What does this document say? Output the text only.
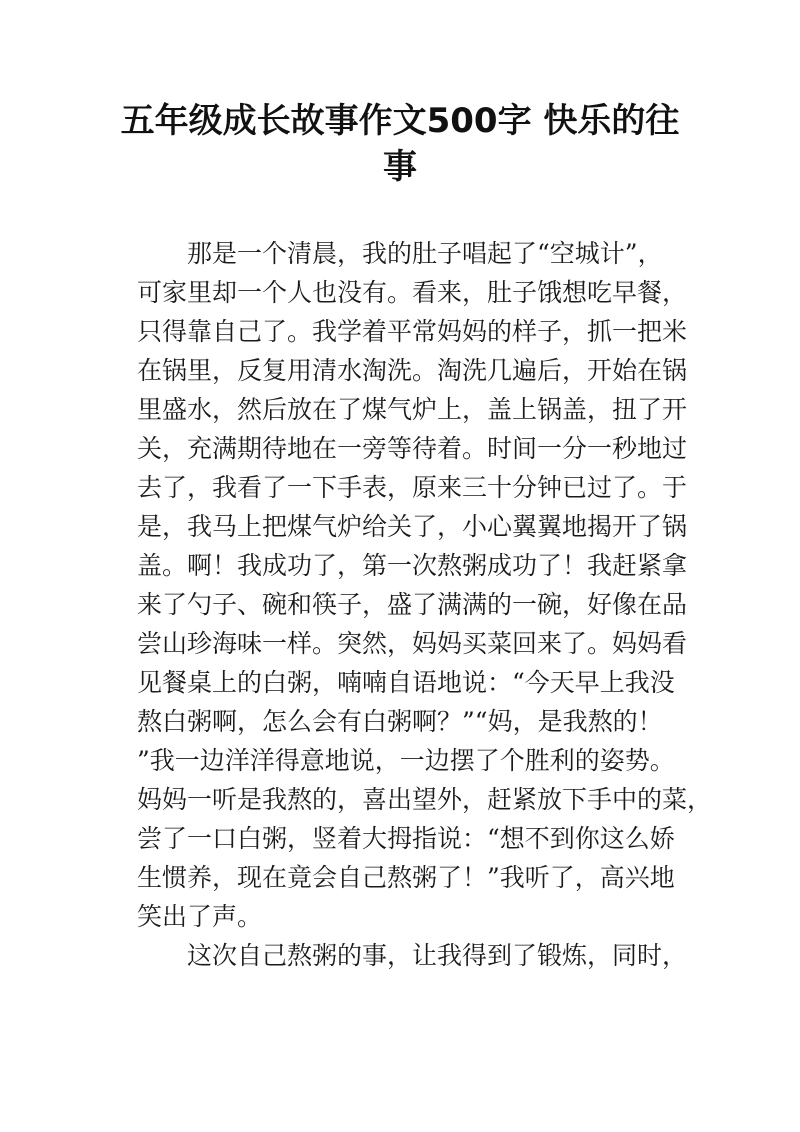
五年级成长故事作文500字 快乐的往
事
　　那是一个清晨，我的肚子唱起了“空城计”，
可家里却一个人也没有。看来，肚子饿想吃早餐，
只得靠自己了。我学着平常妈妈的样子，抓一把米
在锅里，反复用清水淘洗。淘洗几遍后，开始在锅
里盛水，然后放在了煤气炉上，盖上锅盖，扭了开
关，充满期待地在一旁等待着。时间一分一秒地过
去了，我看了一下手表，原来三十分钟已过了。于
是，我马上把煤气炉给关了，小心翼翼地揭开了锅
盖。啊！我成功了，第一次熬粥成功了！我赶紧拿
来了勺子、碗和筷子，盛了满满的一碗，好像在品
尝山珍海味一样。突然，妈妈买菜回来了。妈妈看
见餐桌上的白粥，喃喃自语地说：“今天早上我没
熬白粥啊，怎么会有白粥啊？”“妈，是我熬的！
”我一边洋洋得意地说，一边摆了个胜利的姿势。
妈妈一听是我熬的，喜出望外，赶紧放下手中的菜，
尝了一口白粥，竖着大拇指说：“想不到你这么娇
生惯养，现在竟会自己熬粥了！”我听了，高兴地
笑出了声。
　　这次自己熬粥的事，让我得到了锻炼，同时，
